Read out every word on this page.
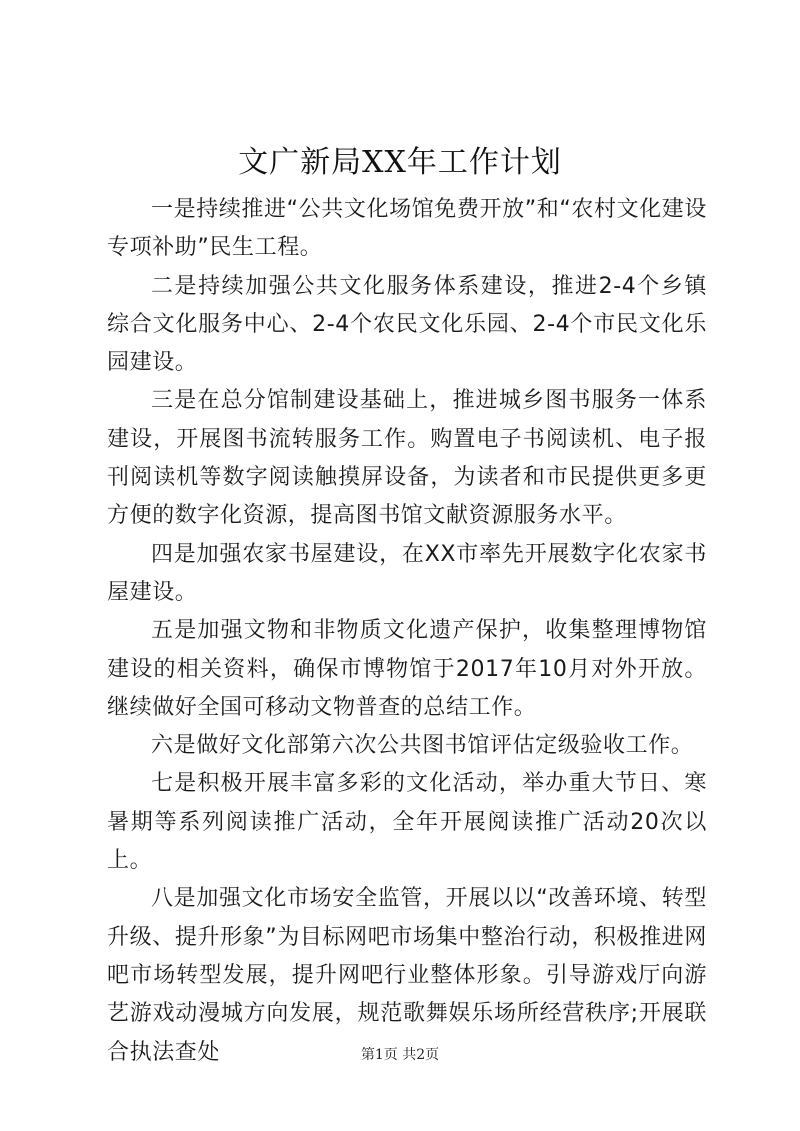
文广新局XX年工作计划

一是持续推进“公共文化场馆免费开放”和“农村文化建设专项补助”民生工程。

二是持续加强公共文化服务体系建设，推进2-4个乡镇综合文化服务中心、2-4个农民文化乐园、2-4个市民文化乐园建设。

三是在总分馆制建设基础上，推进城乡图书服务一体系建设，开展图书流转服务工作。购置电子书阅读机、电子报刊阅读机等数字阅读触摸屏设备，为读者和市民提供更多更方便的数字化资源，提高图书馆文献资源服务水平。

四是加强农家书屋建设，在XX市率先开展数字化农家书屋建设。

五是加强文物和非物质文化遗产保护，收集整理博物馆建设的相关资料，确保市博物馆于2017年10月对外开放。继续做好全国可移动文物普查的总结工作。

六是做好文化部第六次公共图书馆评估定级验收工作。

七是积极开展丰富多彩的文化活动，举办重大节日、寒暑期等系列阅读推广活动，全年开展阅读推广活动20次以上。

八是加强文化市场安全监管，开展以以“改善环境、转型升级、提升形象”为目标网吧市场集中整治行动，积极推进网吧市场转型发展，提升网吧行业整体形象。引导游戏厅向游艺游戏动漫城方向发展，规范歌舞娱乐场所经营秩序;开展联合执法查处	第1页 共2页
